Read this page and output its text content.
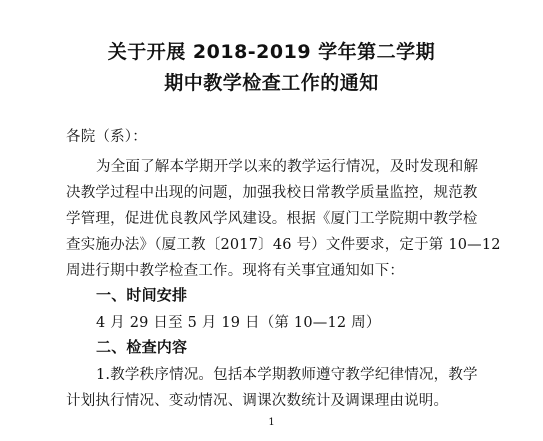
关于开展 2018-2019 学年第二学期
期中教学检查工作的通知
各院（系）：
为全面了解本学期开学以来的教学运行情况，及时发现和解
决教学过程中出现的问题，加强我校日常教学质量监控，规范教
学管理，促进优良教风学风建设。根据《厦门工学院期中教学检
查实施办法》（厦工教〔2017〕46 号）文件要求，定于第 10—12
周进行期中教学检查工作。现将有关事宜通知如下：
一、时间安排
4 月 29 日至 5 月 19 日（第 10—12 周）
二、检查内容
1.教学秩序情况。包括本学期教师遵守教学纪律情况，教学
计划执行情况、变动情况、调课次数统计及调课理由说明。
1
